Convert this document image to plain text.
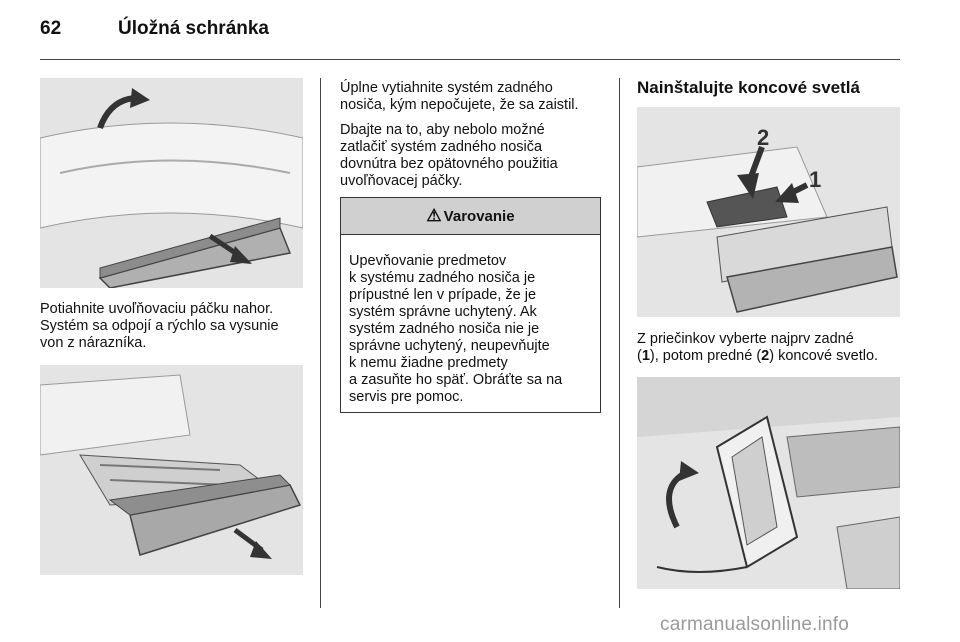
62	Úložná schránka
Potiahnite uvoľňovaciu páčku nahor.
Systém sa odpojí a rýchlo sa vysunie
von z nárazníka.
Úplne vytiahnite systém zadného
nosiča, kým nepočujete, že sa zaistil.
Dbajte na to, aby nebolo možné
zatlačiť systém zadného nosiča
dovnútra bez opätovného použitia
uvoľňovacej páčky.
⚠ Varovanie
Upevňovanie predmetov
k systému zadného nosiča je
prípustné len v prípade, že je
systém správne uchytený. Ak
systém zadného nosiča nie je
správne uchytený, neupevňujte
k nemu žiadne predmety
a zasuňte ho späť. Obráťte sa na
servis pre pomoc.
Nainštalujte koncové svetlá
2
1
Z priečinkov vyberte najprv zadné
(1), potom predné (2) koncové svetlo.
carmanualsonline.info
